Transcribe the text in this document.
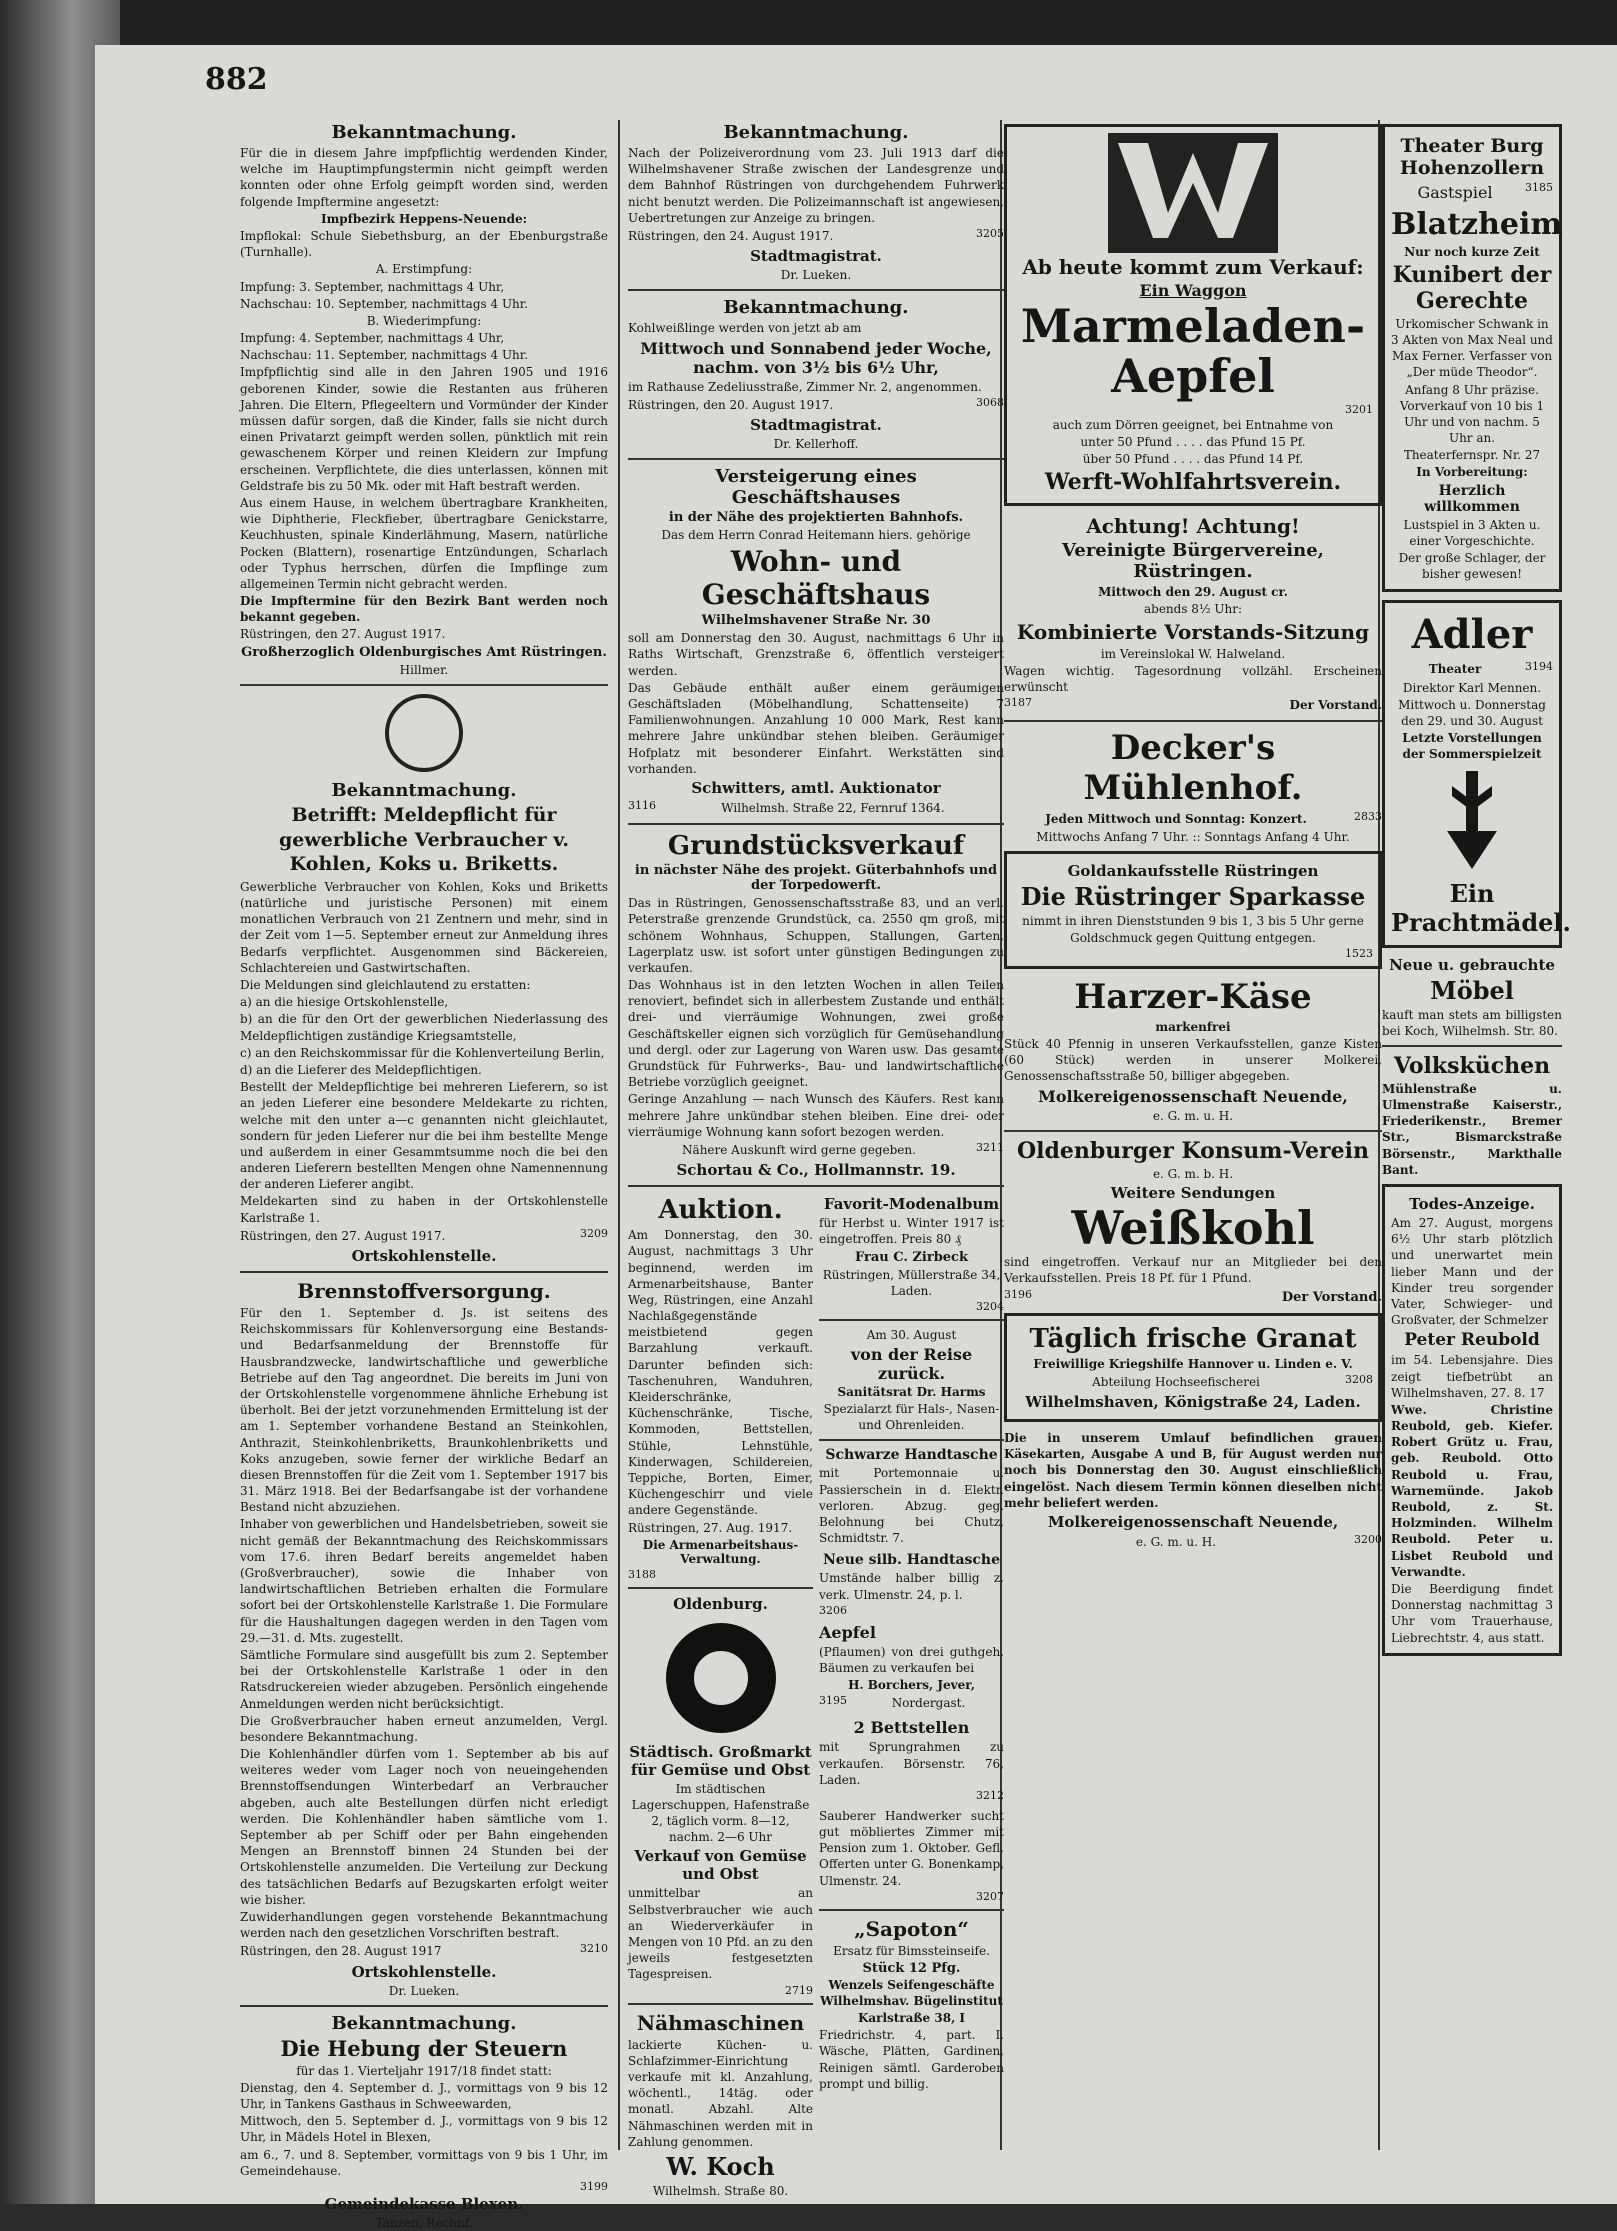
882
Bekanntmachung.
Für die in diesem Jahre impfpflichtig werdenden Kinder, welche im Hauptimpfungstermin nicht geimpft werden konnten oder ohne Erfolg geimpft worden sind, werden folgende Impftermine angesetzt:
Impfbezirk Heppens-Neuende:
Impflokal: Schule Siebethsburg, an der Ebenburgstraße (Turnhalle).
A. Erstimpfung:
Impfung: 3. September, nachmittags 4 Uhr,
Nachschau: 10. September, nachmittags 4 Uhr.
B. Wiederimpfung:
Impfung: 4. September, nachmittags 4 Uhr,
Nachschau: 11. September, nachmittags 4 Uhr.
Impfpflichtig sind alle in den Jahren 1905 und 1916 geborenen Kinder, sowie die Restanten aus früheren Jahren. Die Eltern, Pflegeeltern und Vormünder der Kinder müssen dafür sorgen, daß die Kinder, falls sie nicht durch einen Privatarzt geimpft werden sollen, pünktlich mit rein gewaschenem Körper und reinen Kleidern zur Impfung erscheinen. Verpflichtete, die dies unterlassen, können mit Geldstrafe bis zu 50 Mk. oder mit Haft bestraft werden.
Aus einem Hause, in welchem übertragbare Krankheiten, wie Diphtherie, Fleckfieber, übertragbare Genickstarre, Keuchhusten, spinale Kinderlähmung, Masern, natürliche Pocken (Blattern), rosenartige Entzündungen, Scharlach oder Typhus herrschen, dürfen die Impflinge zum allgemeinen Termin nicht gebracht werden.
Die Impftermine für den Bezirk Bant werden noch bekannt gegeben.
Rüstringen, den 27. August 1917.
Großherzoglich Oldenburgisches Amt Rüstringen.
Hillmer.
Bekanntmachung.
Betrifft: Meldepflicht für gewerbliche Verbraucher v. Kohlen, Koks u. Briketts.
Gewerbliche Verbraucher von Kohlen, Koks und Briketts (natürliche und juristische Personen) mit einem monatlichen Verbrauch von 21 Zentnern und mehr, sind in der Zeit vom 1—5. September erneut zur Anmeldung ihres Bedarfs verpflichtet. Ausgenommen sind Bäckereien, Schlachtereien und Gastwirtschaften.
Die Meldungen sind gleichlautend zu erstatten:
a) an die hiesige Ortskohlenstelle,
b) an die für den Ort der gewerblichen Niederlassung des Meldepflichtigen zuständige Kriegsamtstelle,
c) an den Reichskommissar für die Kohlenverteilung Berlin,
d) an die Lieferer des Meldepflichtigen.
Bestellt der Meldepflichtige bei mehreren Lieferern, so ist an jeden Lieferer eine besondere Meldekarte zu richten, welche mit den unter a—c genannten nicht gleichlautet, sondern für jeden Lieferer nur die bei ihm bestellte Menge und außerdem in einer Gesammtsumme noch die bei den anderen Lieferern bestellten Mengen ohne Namennennung der anderen Lieferer angibt.
Meldekarten sind zu haben in der Ortskohlenstelle Karlstraße 1.
Rüstringen, den 27. August 1917.	3209
Ortskohlenstelle.
Brennstoffversorgung.
Für den 1. September d. Js. ist seitens des Reichskommissars für Kohlenversorgung eine Bestands- und Bedarfsanmeldung der Brennstoffe für Hausbrandzwecke, landwirtschaftliche und gewerbliche Betriebe auf den Tag angeordnet. Die bereits im Juni von der Ortskohlenstelle vorgenommene ähnliche Erhebung ist überholt. Bei der jetzt vorzunehmenden Ermittelung ist der am 1. September vorhandene Bestand an Steinkohlen, Anthrazit, Steinkohlenbriketts, Braunkohlenbriketts und Koks anzugeben, sowie ferner der wirkliche Bedarf an diesen Brennstoffen für die Zeit vom 1. September 1917 bis 31. März 1918. Bei der Bedarfsangabe ist der vorhandene Bestand nicht abzuziehen.
Inhaber von gewerblichen und Handelsbetrieben, soweit sie nicht gemäß der Bekanntmachung des Reichskommissars vom 17.6. ihren Bedarf bereits angemeldet haben (Großverbraucher), sowie die Inhaber von landwirtschaftlichen Betrieben erhalten die Formulare sofort bei der Ortskohlenstelle Karlstraße 1. Die Formulare für die Haushaltungen dagegen werden in den Tagen vom 29.—31. d. Mts. zugestellt.
Sämtliche Formulare sind ausgefüllt bis zum 2. September bei der Ortskohlenstelle Karlstraße 1 oder in den Ratsdruckereien wieder abzugeben. Persönlich eingehende Anmeldungen werden nicht berücksichtigt.
Die Großverbraucher haben erneut anzumelden, Vergl. besondere Bekanntmachung.
Die Kohlenhändler dürfen vom 1. September ab bis auf weiteres weder vom Lager noch von neueingehenden Brennstoffsendungen Winterbedarf an Verbraucher abgeben, auch alte Bestellungen dürfen nicht erledigt werden. Die Kohlenhändler haben sämtliche vom 1. September ab per Schiff oder per Bahn eingehenden Mengen an Brennstoff binnen 24 Stunden bei der Ortskohlenstelle anzumelden. Die Verteilung zur Deckung des tatsächlichen Bedarfs auf Bezugskarten erfolgt weiter wie bisher.
Zuwiderhandlungen gegen vorstehende Bekanntmachung werden nach den gesetzlichen Vorschriften bestraft.
Rüstringen, den 28. August 1917	3210
Ortskohlenstelle.
Dr. Lueken.
Bekanntmachung.
Die Hebung der Steuern
für das 1. Vierteljahr 1917/18 findet statt:
Dienstag, den 4. September d. J., vormittags von 9 bis 12 Uhr, in Tankens Gasthaus in Schweewarden,
Mittwoch, den 5. September d. J., vormittags von 9 bis 12 Uhr, in Mädels Hotel in Blexen,
am 6., 7. und 8. September, vormittags von 9 bis 1 Uhr, im Gemeindehause.
3199
Gemeindekasse Blexen.
Tanzen, Rechnf.
Bekanntmachung.
Nach der Polizeiverordnung vom 23. Juli 1913 darf die Wilhelmshavener Straße zwischen der Landesgrenze und dem Bahnhof Rüstringen von durchgehendem Fuhrwerk nicht benutzt werden. Die Polizeimannschaft ist angewiesen, Uebertretungen zur Anzeige zu bringen.
Rüstringen, den 24. August 1917.	3205
Stadtmagistrat.
Dr. Lueken.
Bekanntmachung.
Kohlweißlinge werden von jetzt ab am
Mittwoch und Sonnabend jeder Woche, nachm. von 3½ bis 6½ Uhr,
im Rathause Zedeliusstraße, Zimmer Nr. 2, angenommen.
Rüstringen, den 20. August 1917.	3068
Stadtmagistrat.
Dr. Kellerhoff.
Versteigerung eines Geschäftshauses
in der Nähe des projektierten Bahnhofs.
Das dem Herrn Conrad Heitemann hiers. gehörige
Wohn- und Geschäftshaus
Wilhelmshavener Straße Nr. 30
soll am Donnerstag den 30. August, nachmittags 6 Uhr in Raths Wirtschaft, Grenzstraße 6, öffentlich versteigert werden.
Das Gebäude enthält außer einem geräumigen Geschäftsladen (Möbelhandlung, Schattenseite) 7 Familienwohnungen. Anzahlung 10 000 Mark, Rest kann mehrere Jahre unkündbar stehen bleiben. Geräumiger Hofplatz mit besonderer Einfahrt. Werkstätten sind vorhanden.
Schwitters, amtl. Auktionator
3116	Wilhelmsh. Straße 22, Fernruf 1364.
Grundstücksverkauf
in nächster Nähe des projekt. Güterbahnhofs und der Torpedowerft.
Das in Rüstringen, Genossenschaftsstraße 83, und an verl. Peterstraße grenzende Grundstück, ca. 2550 qm groß, mit schönem Wohnhaus, Schuppen, Stallungen, Garten, Lagerplatz usw. ist sofort unter günstigen Bedingungen zu verkaufen.
Das Wohnhaus ist in den letzten Wochen in allen Teilen renoviert, befindet sich in allerbestem Zustande und enthält drei- und vierräumige Wohnungen, zwei große Geschäftskeller eignen sich vorzüglich für Gemüsehandlung und dergl. oder zur Lagerung von Waren usw. Das gesamte Grundstück für Fuhrwerks-, Bau- und landwirtschaftliche Betriebe vorzüglich geeignet.
Geringe Anzahlung — nach Wunsch des Käufers. Rest kann mehrere Jahre unkündbar stehen bleiben. Eine drei- oder vierräumige Wohnung kann sofort bezogen werden.
Nähere Auskunft wird gerne gegeben.	3211
Schortau & Co., Hollmannstr. 19.
Auktion.
Am Donnerstag, den 30. August, nachmittags 3 Uhr beginnend, werden im Armenarbeitshause, Banter Weg, Rüstringen, eine Anzahl Nachlaßgegenstände meistbietend gegen Barzahlung verkauft. Darunter befinden sich: Taschenuhren, Wanduhren, Kleiderschränke, Küchenschränke, Tische, Kommoden, Bettstellen, Stühle, Lehnstühle, Kinderwagen, Schildereien, Teppiche, Borten, Eimer, Küchengeschirr und viele andere Gegenstände.
Rüstringen, 27. Aug. 1917.
Die Armenarbeitshaus-Verwaltung.
3188
Oldenburg.
Städtisch. Großmarkt für Gemüse und Obst
Im städtischen Lagerschuppen, Hafenstraße 2, täglich vorm. 8—12, nachm. 2—6 Uhr
Verkauf von Gemüse und Obst
unmittelbar an Selbstverbraucher wie auch an Wiederverkäufer in Mengen von 10 Pfd. an zu den jeweils festgesetzten Tagespreisen.
2719
Nähmaschinen
lackierte Küchen- u. Schlafzimmer-Einrichtung verkaufe mit kl. Anzahlung, wöchentl., 14täg. oder monatl. Abzahl. Alte Nähmaschinen werden mit in Zahlung genommen.
W. Koch
Wilhelmsh. Straße 80.
Favorit-Modenalbum
für Herbst u. Winter 1917 ist eingetroffen. Preis 80 ₰
Frau C. Zirbeck
Rüstringen, Müllerstraße 34, Laden.
3204
Am 30. August
von der Reise zurück.
Sanitätsrat Dr. Harms
Spezialarzt für Hals-, Nasen- und Ohrenleiden.
Schwarze Handtasche
mit Portemonnaie u. Passierschein in d. Elektr. verloren. Abzug. geg. Belohnung bei Chutz, Schmidtstr. 7.
Neue silb. Handtasche
Umstände halber billig z. verk. Ulmenstr. 24, p. l.
3206
Aepfel
(Pflaumen) von drei guthgeh. Bäumen zu verkaufen bei
H. Borchers, Jever,
3195	Nordergast.
2 Bettstellen
mit Sprungrahmen zu verkaufen. Börsenstr. 76, Laden.
3212
Sauberer Handwerker sucht gut möbliertes Zimmer mit Pension zum 1. Oktober. Gefl. Offerten unter G. Bonenkamp, Ulmenstr. 24.
3207
„Sapoton“
Ersatz für Bimssteinseife.
Stück 12 Pfg.
Wenzels Seifengeschäfte
Wilhelmshav. Bügelinstitut
Karlstraße 38, I
Friedrichstr. 4, part. I. Wäsche, Plätten, Gardinen, Reinigen sämtl. Garderoben prompt und billig.
Ab heute kommt zum Verkauf:
Ein Waggon
Marmeladen-
Aepfel
3201
auch zum Dörren geeignet, bei Entnahme von
unter 50 Pfund . . . . das Pfund 15 Pf.
über 50 Pfund . . . . das Pfund 14 Pf.
Werft-Wohlfahrtsverein.
Achtung! Achtung!
Vereinigte Bürgervereine, Rüstringen.
Mittwoch den 29. August cr.
abends 8½ Uhr:
Kombinierte Vorstands-Sitzung
im Vereinslokal W. Halweland.
Wagen wichtig. Tagesordnung vollzähl. Erscheinen erwünscht
3187	Der Vorstand.
Decker's Mühlenhof.
Jeden Mittwoch und Sonntag: Konzert.	2833
Mittwochs Anfang 7 Uhr. :: Sonntags Anfang 4 Uhr.
Goldankaufsstelle Rüstringen
Die Rüstringer Sparkasse
nimmt in ihren Dienststunden 9 bis 1, 3 bis 5 Uhr gerne Goldschmuck gegen Quittung entgegen.
1523
Harzer-Käse
markenfrei
Stück 40 Pfennig in unseren Verkaufsstellen, ganze Kisten (60 Stück) werden in unserer Molkerei, Genossenschaftsstraße 50, billiger abgegeben.
Molkereigenossenschaft Neuende,
e. G. m. u. H.
Oldenburger Konsum-Verein
e. G. m. b. H.
Weitere Sendungen
Weißkohl
sind eingetroffen. Verkauf nur an Mitglieder bei den Verkaufsstellen. Preis 18 Pf. für 1 Pfund.
3196	Der Vorstand.
Täglich frische Granat
Freiwillige Kriegshilfe Hannover u. Linden e. V.
Abteilung Hochseefischerei	3208
Wilhelmshaven, Königstraße 24, Laden.
Die in unserem Umlauf befindlichen grauen Käsekarten, Ausgabe A und B, für August werden nur noch bis Donnerstag den 30. August einschließlich eingelöst. Nach diesem Termin können dieselben nicht mehr beliefert werden.
Molkereigenossenschaft Neuende,
e. G. m. u. H.	3200
Theater Burg Hohenzollern
Gastspiel	3185
Blatzheim
Nur noch kurze Zeit
Kunibert der Gerechte
Urkomischer Schwank in 3 Akten von Max Neal und Max Ferner. Verfasser von „Der müde Theodor“.
Anfang 8 Uhr präzise. Vorverkauf von 10 bis 1 Uhr und von nachm. 5 Uhr an.
Theaterfernspr. Nr. 27
In Vorbereitung:
Herzlich willkommen
Lustspiel in 3 Akten u. einer Vorgeschichte.
Der große Schlager, der bisher gewesen!
Adler
Theater	3194
Direktor Karl Mennen.
Mittwoch u. Donnerstag den 29. und 30. August
Letzte Vorstellungen der Sommerspielzeit
Ein Prachtmädel.
Neue u. gebrauchte
Möbel
kauft man stets am billigsten bei Koch, Wilhelmsh. Str. 80.
Volksküchen
Mühlenstraße u. Ulmenstraße Kaiserstr., Friederikenstr., Bremer Str., Bismarckstraße Börsenstr., Markthalle Bant.
Todes-Anzeige.
Am 27. August, morgens 6½ Uhr starb plötzlich und unerwartet mein lieber Mann und der Kinder treu sorgender Vater, Schwieger- und Großvater, der Schmelzer
Peter Reubold
im 54. Lebensjahre. Dies zeigt tiefbetrübt an Wilhelmshaven, 27. 8. 17
Wwe. Christine Reubold, geb. Kiefer. Robert Grütz u. Frau, geb. Reubold. Otto Reubold u. Frau, Warnemünde. Jakob Reubold, z. St. Holzminden. Wilhelm Reubold. Peter u. Lisbet Reubold und Verwandte.
Die Beerdigung findet Donnerstag nachmittag 3 Uhr vom Trauerhause, Liebrechtstr. 4, aus statt.
